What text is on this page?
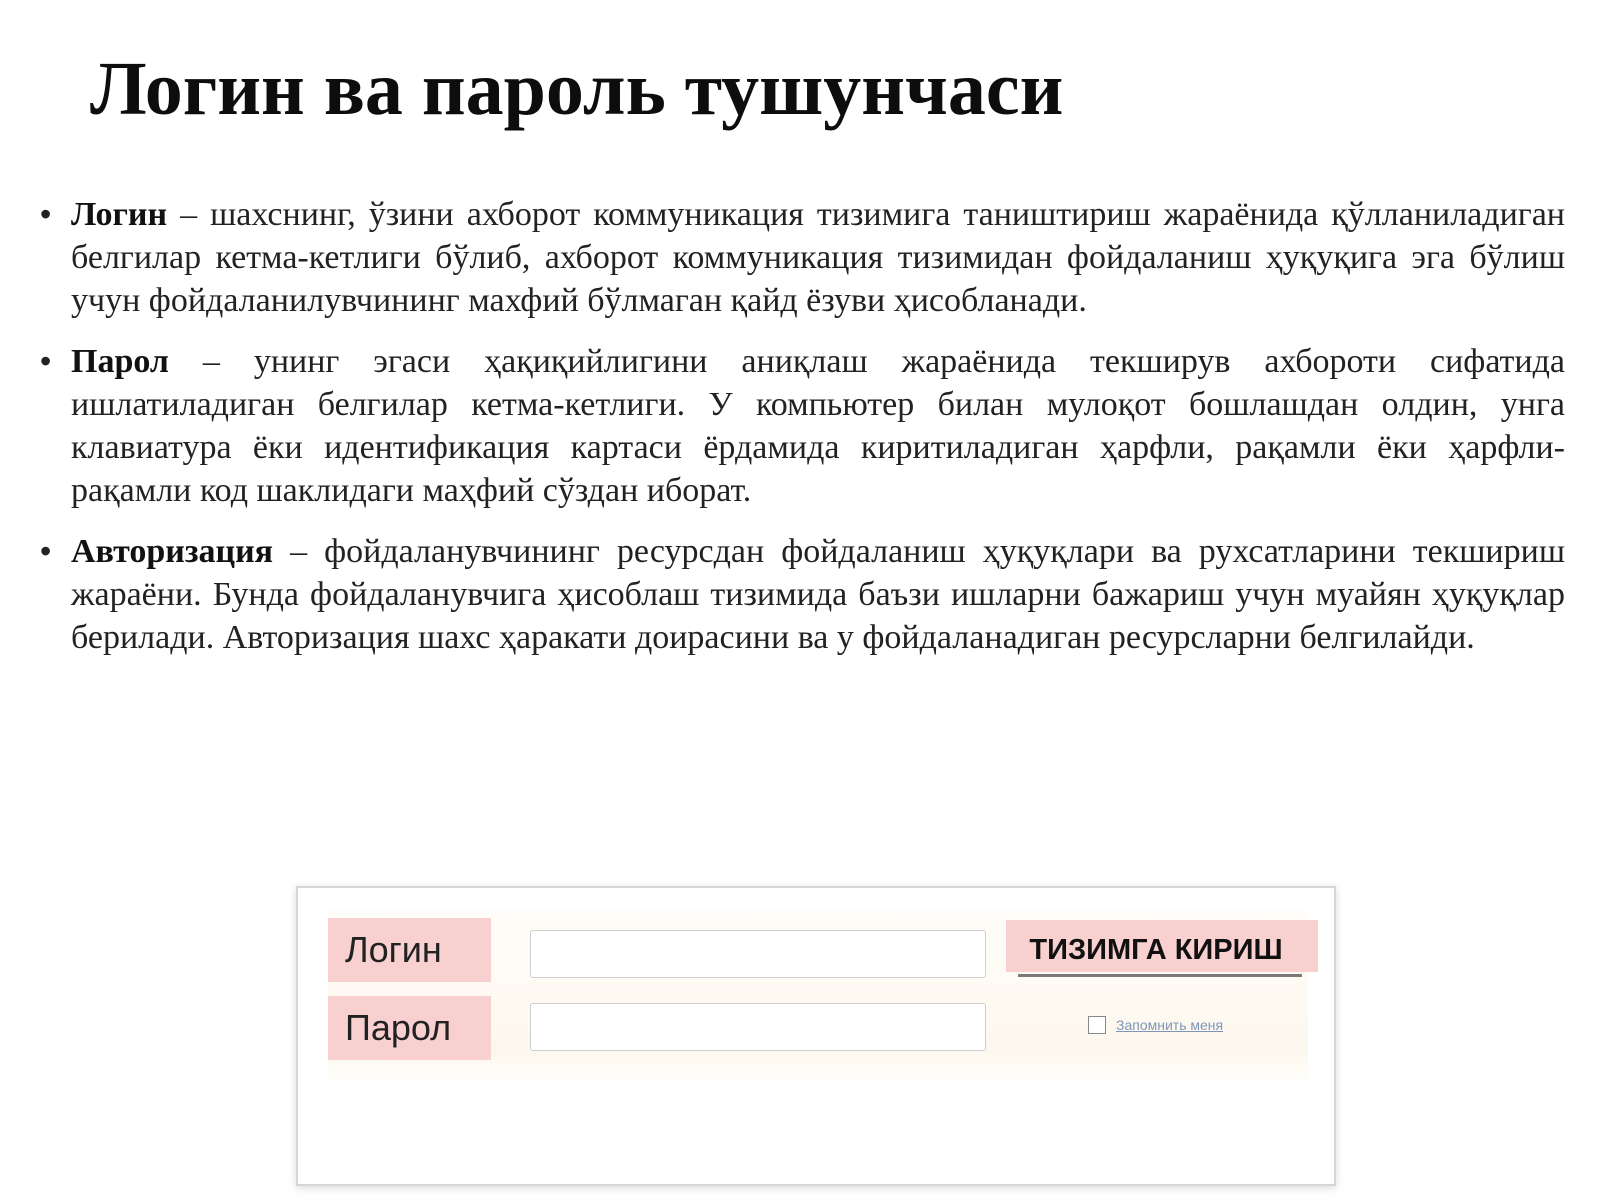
Логин ва пароль тушунчаси
• Логин – шахснинг, ўзини ахборот коммуникация тизимига таништириш жараёнида қўлланиладиган белгилар кетма-кетлиги бўлиб, ахборот коммуникация тизимидан фойдаланиш ҳуқуқига эга бўлиш учун фойдаланилувчининг махфий бўлмаган қайд ёзуви ҳисобланади.
• Парол – унинг эгаси ҳақиқийлигини аниқлаш жараёнида текширув ахбороти сифатида ишлатиладиган белгилар кетма-кетлиги. У компьютер билан мулоқот бошлашдан олдин, унга клавиатура ёки идентификация картаси ёрдамида киритиладиган ҳарфли, рақамли ёки ҳарфли-рақамли код шаклидаги маҳфий сўздан иборат.
• Авторизация – фойдаланувчининг ресурсдан фойдаланиш ҳуқуқлари ва рухсатларини текшириш жараёни. Бунда фойдаланувчига ҳисоблаш тизимида баъзи ишларни бажариш учун муайян ҳуқуқлар берилади. Авторизация шахс ҳаракати доирасини ва у фойдаланадиган ресурсларни белгилайди.
Логин
Парол
ТИЗИМГА КИРИШ
Запомнить меня
